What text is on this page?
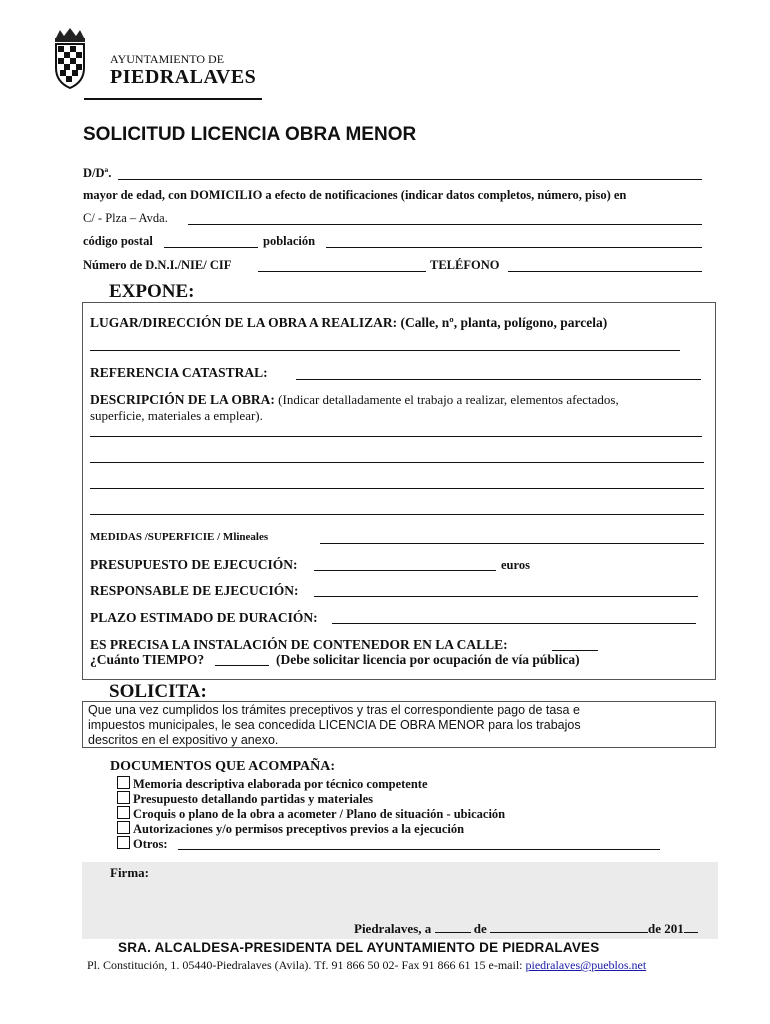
AYUNTAMIENTO DE
PIEDRALAVES
SOLICITUD LICENCIA OBRA MENOR
D/Dª.
mayor de edad, con DOMICILIO a efecto de notificaciones (indicar datos completos, número, piso) en
C/ - Plza – Avda.
código postal	población
Número de D.N.I./NIE/ CIF	TELÉFONO
EXPONE:
LUGAR/DIRECCIÓN DE LA OBRA A REALIZAR: (Calle, nº, planta, polígono, parcela)
REFERENCIA CATASTRAL:
DESCRIPCIÓN DE LA OBRA: (Indicar detalladamente el trabajo a realizar, elementos afectados,
superficie, materiales a emplear).
MEDIDAS /SUPERFICIE / Mlineales
PRESUPUESTO DE EJECUCIÓN:	euros
RESPONSABLE DE EJECUCIÓN:
PLAZO ESTIMADO DE DURACIÓN:
ES PRECISA LA INSTALACIÓN DE CONTENEDOR EN LA CALLE:
¿Cuánto TIEMPO?	(Debe solicitar licencia por ocupación de vía pública)
SOLICITA:
Que una vez cumplidos los trámites preceptivos y tras el correspondiente pago de tasa e
impuestos municipales, le sea concedida LICENCIA DE OBRA MENOR para los trabajos
descritos en el expositivo y anexo.
DOCUMENTOS QUE ACOMPAÑA:
Memoria descriptiva elaborada por técnico competente
Presupuesto detallando partidas y materiales
Croquis o plano de la obra a acometer / Plano de situación - ubicación
Autorizaciones y/o permisos preceptivos previos a la ejecución
Otros:
Firma:
Piedralaves, a	de	de 201
SRA. ALCALDESA-PRESIDENTA DEL AYUNTAMIENTO DE PIEDRALAVES
Pl. Constitución, 1. 05440-Piedralaves (Avila). Tf. 91 866 50 02- Fax 91 866 61 15 e-mail: piedralaves@pueblos.net
